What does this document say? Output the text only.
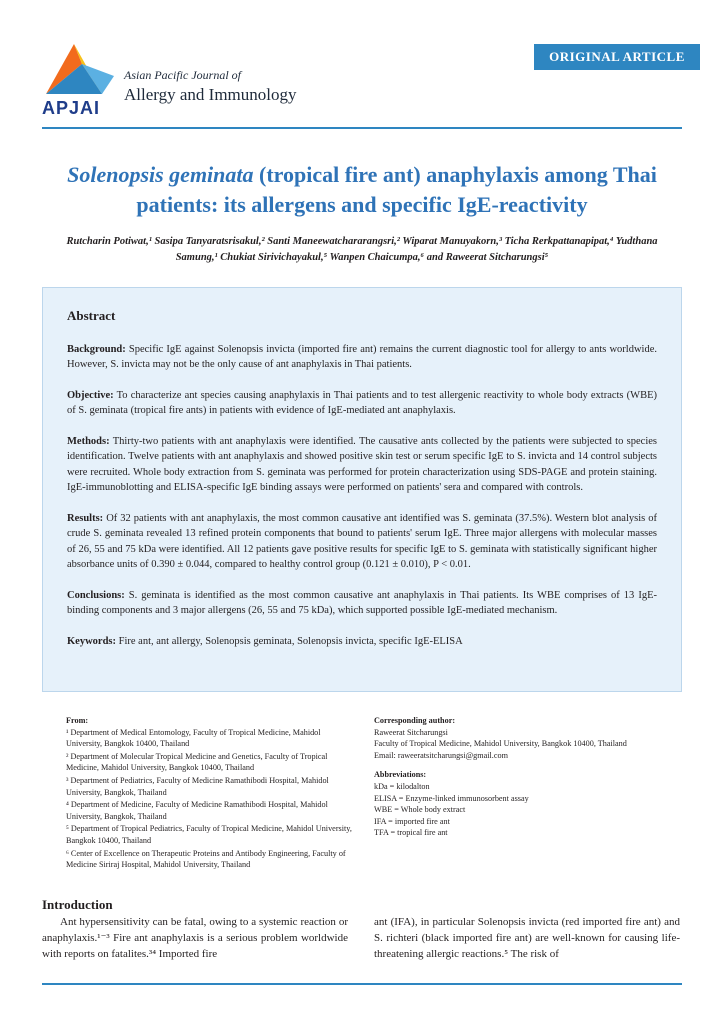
APJAI
Asian Pacific Journal of
Allergy and Immunology
ORIGINAL ARTICLE
Solenopsis geminata (tropical fire ant) anaphylaxis among Thai patients: its allergens and specific IgE-reactivity
Rutcharin Potiwat,¹ Sasipa Tanyaratsrisakul,² Santi Maneewatchararangsri,² Wiparat Manuyakorn,³ Ticha Rerkpattanapipat,⁴ Yudthana Samung,¹ Chukiat Sirivichayakul,⁵ Wanpen Chaicumpa,⁶ and Raweerat Sitcharungsi⁵
Abstract

Background: Specific IgE against Solenopsis invicta (imported fire ant) remains the current diagnostic tool for allergy to ants worldwide. However, S. invicta may not be the only cause of ant anaphylaxis in Thai patients.

Objective: To characterize ant species causing anaphylaxis in Thai patients and to test allergenic reactivity to whole body extracts (WBE) of S. geminata (tropical fire ants) in patients with evidence of IgE-mediated ant anaphylaxis.

Methods: Thirty-two patients with ant anaphylaxis were identified. The causative ants collected by the patients were subjected to species identification. Twelve patients with ant anaphylaxis and showed positive skin test or serum specific IgE to S. invicta and 14 control subjects were recruited. Whole body extraction from S. geminata was performed for protein characterization using SDS-PAGE and protein staining. IgE-immunoblotting and ELISA-specific IgE binding assays were performed on patients' sera and compared with controls.

Results: Of 32 patients with ant anaphylaxis, the most common causative ant identified was S. geminata (37.5%). Western blot analysis of crude S. geminata revealed 13 refined protein components that bound to patients' serum IgE. Three major allergens with molecular masses of 26, 55 and 75 kDa were identified. All 12 patients gave positive results for specific IgE to S. geminata with statistically significant higher absorbance units of 0.390 ± 0.044, compared to healthy control group (0.121 ± 0.010), P < 0.01.

Conclusions: S. geminata is identified as the most common causative ant anaphylaxis in Thai patients. Its WBE comprises of 13 IgE-binding components and 3 major allergens (26, 55 and 75 kDa), which supported possible IgE-mediated mechanism.

Keywords: Fire ant, ant allergy, Solenopsis geminata, Solenopsis invicta, specific IgE-ELISA

From:
¹ Department of Medical Entomology, Faculty of Tropical Medicine, Mahidol University, Bangkok 10400, Thailand
² Department of Molecular Tropical Medicine and Genetics, Faculty of Tropical Medicine, Mahidol University, Bangkok 10400, Thailand
³ Department of Pediatrics, Faculty of Medicine Ramathibodi Hospital, Mahidol University, Bangkok, Thailand
⁴ Department of Medicine, Faculty of Medicine Ramathibodi Hospital, Mahidol University, Bangkok, Thailand
⁵ Department of Tropical Pediatrics, Faculty of Tropical Medicine, Mahidol University, Bangkok 10400, Thailand
⁶ Center of Excellence on Therapeutic Proteins and Antibody Engineering, Faculty of Medicine Siriraj Hospital, Mahidol University, Thailand
Corresponding author:
Raweerat Sitcharungsi
Faculty of Tropical Medicine, Mahidol University, Bangkok 10400, Thailand
Email: raweeratsitcharungsi@gmail.com
Abbreviations:
kDa = kilodalton
ELISA = Enzyme-linked immunosorbent assay
WBE = Whole body extract
IFA = imported fire ant
TFA = tropical fire ant
Introduction

Ant hypersensitivity can be fatal, owing to a systemic reaction or anaphylaxis.¹⁻³ Fire ant anaphylaxis is a serious problem worldwide with reports on fatalites.³⁴ Imported fire

ant (IFA), in particular Solenopsis invicta (red imported fire ant) and S. richteri (black imported fire ant) are well-known for causing life-threatening allergic reactions.⁵ The risk of
